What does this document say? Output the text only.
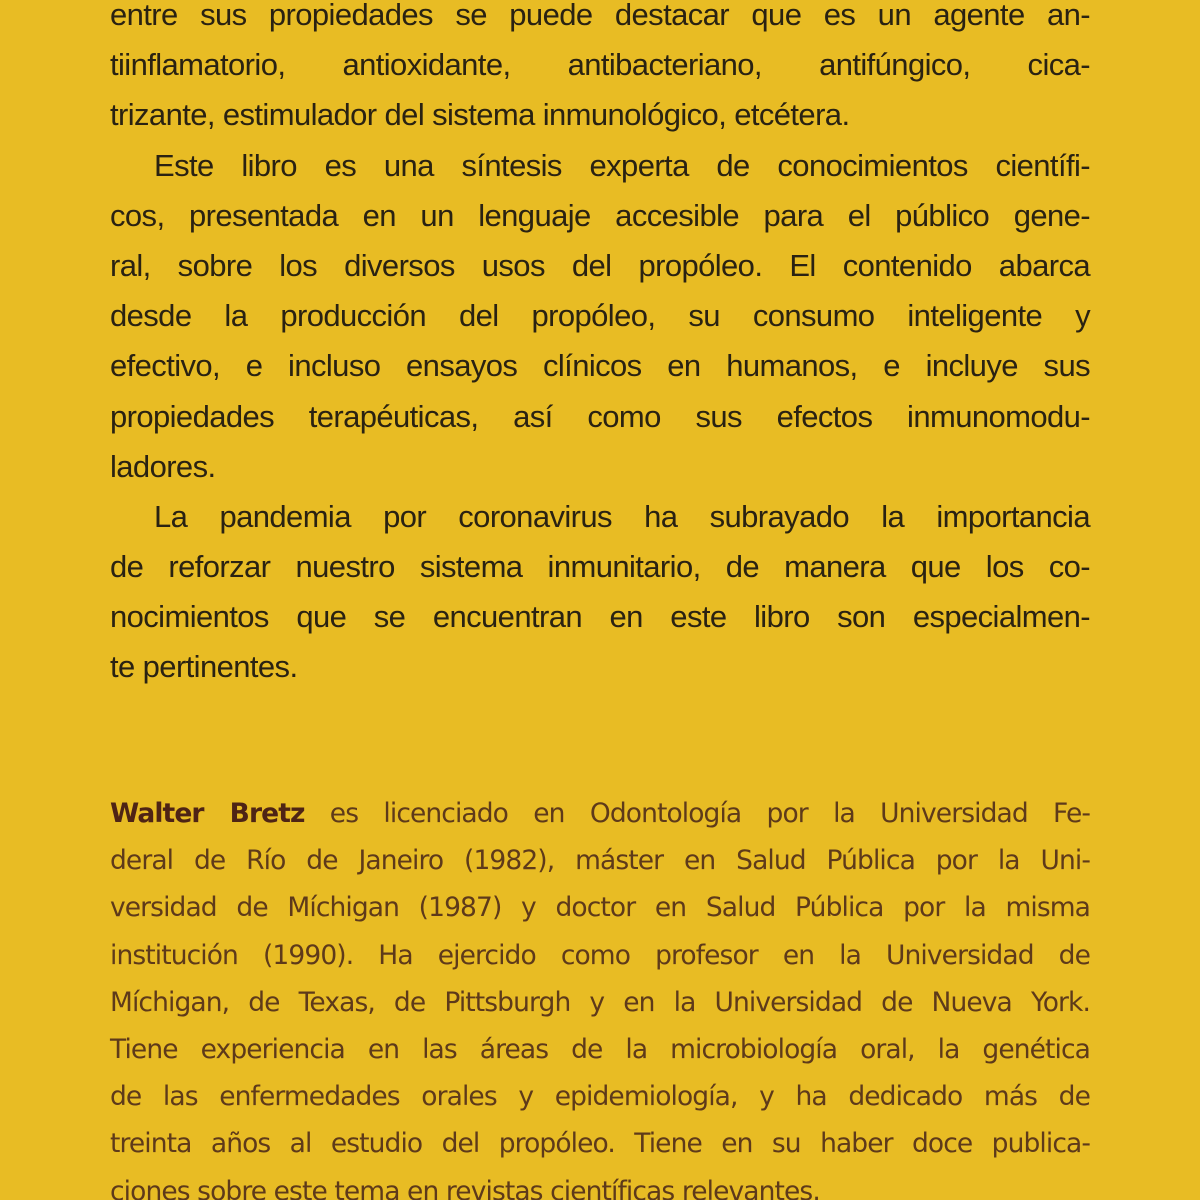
entre sus propiedades se puede destacar que es un agente an-
tiinflamatorio, antioxidante, antibacteriano, antifúngico, cica-
trizante, estimulador del sistema inmunológico, etcétera.
Este libro es una síntesis experta de conocimientos científi-
cos, presentada en un lenguaje accesible para el público gene-
ral, sobre los diversos usos del propóleo. El contenido abarca
desde la producción del propóleo, su consumo inteligente y
efectivo, e incluso ensayos clínicos en humanos, e incluye sus
propiedades terapéuticas, así como sus efectos inmunomodu-
ladores.
La pandemia por coronavirus ha subrayado la importancia
de reforzar nuestro sistema inmunitario, de manera que los co-
nocimientos que se encuentran en este libro son especialmen-
te pertinentes.
Walter Bretz es licenciado en Odontología por la Universidad Fe-
deral de Río de Janeiro (1982), máster en Salud Pública por la Uni-
versidad de Míchigan (1987) y doctor en Salud Pública por la misma
institución (1990). Ha ejercido como profesor en la Universidad de
Míchigan, de Texas, de Pittsburgh y en la Universidad de Nueva York.
Tiene experiencia en las áreas de la microbiología oral, la genética
de las enfermedades orales y epidemiología, y ha dedicado más de
treinta años al estudio del propóleo. Tiene en su haber doce publica-
ciones sobre este tema en revistas científicas relevantes.
